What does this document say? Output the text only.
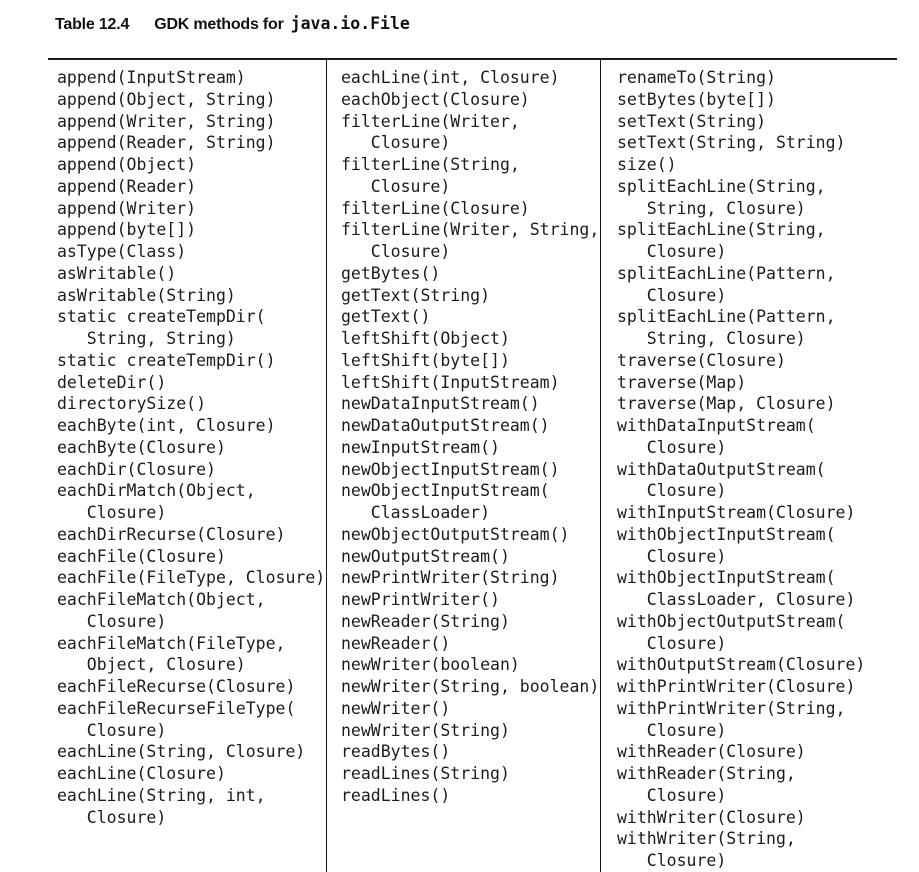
Table 12.4 GDK methods for java.io.File
append(InputStream)
append(Object, String)
append(Writer, String)
append(Reader, String)
append(Object)
append(Reader)
append(Writer)
append(byte[])
asType(Class)
asWritable()
asWritable(String)
static createTempDir(
String, String)
static createTempDir()
deleteDir()
directorySize()
eachByte(int, Closure)
eachByte(Closure)
eachDir(Closure)
eachDirMatch(Object,
Closure)
eachDirRecurse(Closure)
eachFile(Closure)
eachFile(FileType, Closure)
eachFileMatch(Object,
Closure)
eachFileMatch(FileType,
Object, Closure)
eachFileRecurse(Closure)
eachFileRecurseFileType(
Closure)
eachLine(String, Closure)
eachLine(Closure)
eachLine(String, int,
Closure)
eachLine(int, Closure)
eachObject(Closure)
filterLine(Writer,
Closure)
filterLine(String,
Closure)
filterLine(Closure)
filterLine(Writer, String,
Closure)
getBytes()
getText(String)
getText()
leftShift(Object)
leftShift(byte[])
leftShift(InputStream)
newDataInputStream()
newDataOutputStream()
newInputStream()
newObjectInputStream()
newObjectInputStream(
ClassLoader)
newObjectOutputStream()
newOutputStream()
newPrintWriter(String)
newPrintWriter()
newReader(String)
newReader()
newWriter(boolean)
newWriter(String, boolean)
newWriter()
newWriter(String)
readBytes()
readLines(String)
readLines()
renameTo(String)
setBytes(byte[])
setText(String)
setText(String, String)
size()
splitEachLine(String,
String, Closure)
splitEachLine(String,
Closure)
splitEachLine(Pattern,
Closure)
splitEachLine(Pattern,
String, Closure)
traverse(Closure)
traverse(Map)
traverse(Map, Closure)
withDataInputStream(
Closure)
withDataOutputStream(
Closure)
withInputStream(Closure)
withObjectInputStream(
Closure)
withObjectInputStream(
ClassLoader, Closure)
withObjectOutputStream(
Closure)
withOutputStream(Closure)
withPrintWriter(Closure)
withPrintWriter(String,
Closure)
withReader(Closure)
withReader(String,
Closure)
withWriter(Closure)
withWriter(String,
Closure)
